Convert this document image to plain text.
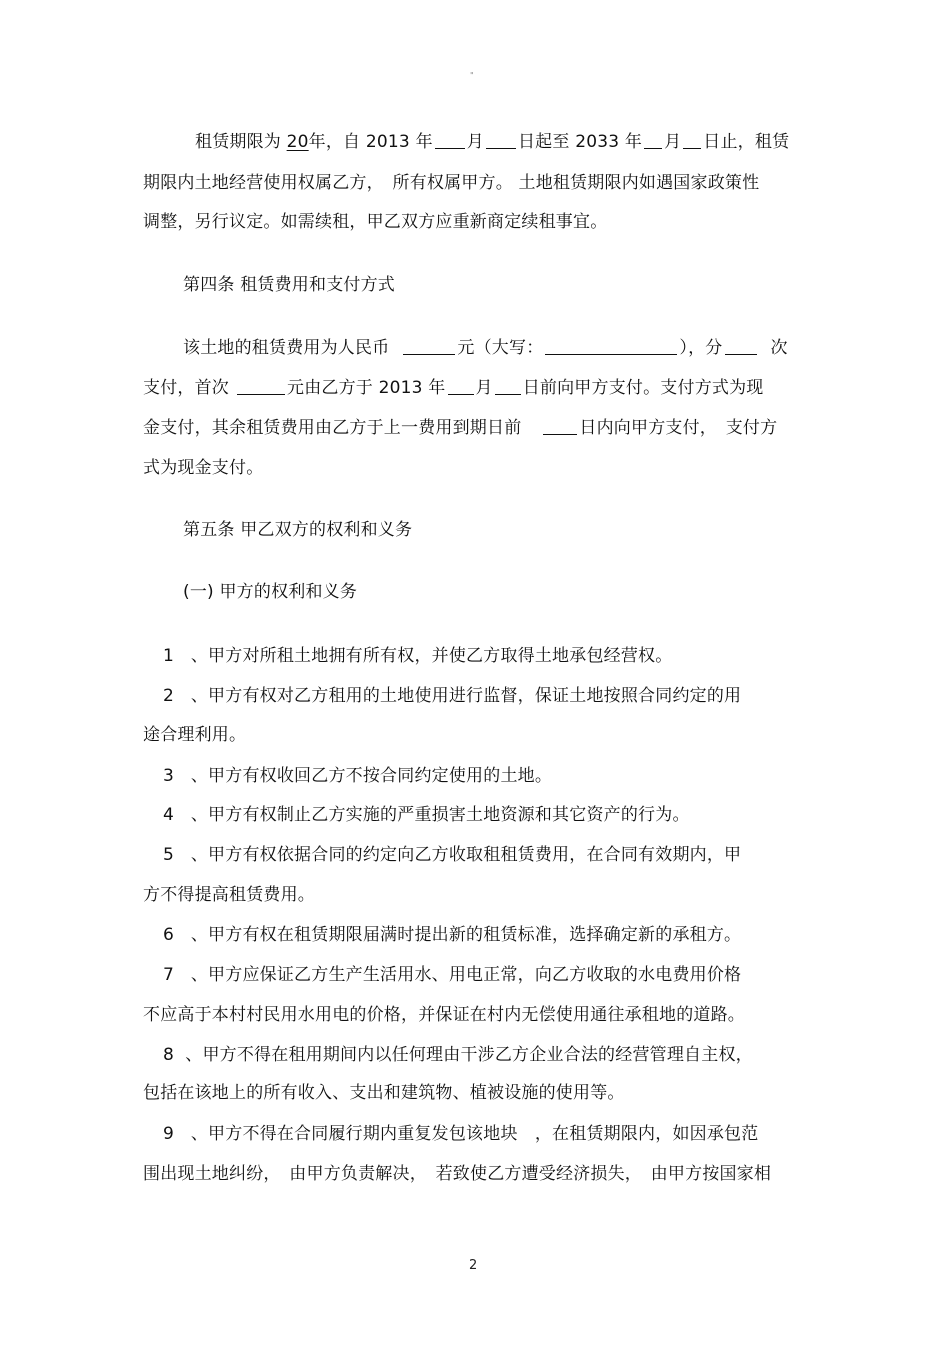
"
租赁期限为 20年，自 2013 年 月 日起至 2033 年 月 日止，租赁
期限内土地经营使用权属乙方，　所有权属甲方。 土地租赁期限内如遇国家政策性
调整，另行议定。如需续租，甲乙双方应重新商定续租事宜。
第四条 租赁费用和支付方式
该土地的租赁费用为人民币	元（大写：	），分	次
支付，首次	元由乙方于 2013 年 月 日前向甲方支付。支付方式为现
金支付，其余租赁费用由乙方于上一费用到期日前	日内向甲方支付，　支付方
式为现金支付。
第五条 甲乙双方的权利和义务
(一) 甲方的权利和义务
1 、甲方对所租土地拥有所有权，并使乙方取得土地承包经营权。
2 、甲方有权对乙方租用的土地使用进行监督，保证土地按照合同约定的用
途合理利用。
3 、甲方有权收回乙方不按合同约定使用的土地。
4 、甲方有权制止乙方实施的严重损害土地资源和其它资产的行为。
5 、甲方有权依据合同的约定向乙方收取租租赁费用，在合同有效期内，甲
方不得提高租赁费用。
6 、甲方有权在租赁期限届满时提出新的租赁标准，选择确定新的承租方。
7 、甲方应保证乙方生产生活用水、用电正常，向乙方收取的水电费用价格
不应高于本村村民用水用电的价格，并保证在村内无偿使用通往承租地的道路。
8 、甲方不得在租用期间内以任何理由干涉乙方企业合法的经营管理自主权，
包括在该地上的所有收入、支出和建筑物、植被设施的使用等。
9 、甲方不得在合同履行期内重复发包该地块　，在租赁期限内，如因承包范
围出现土地纠纷，　由甲方负责解决，　若致使乙方遭受经济损失，　由甲方按国家相
2
